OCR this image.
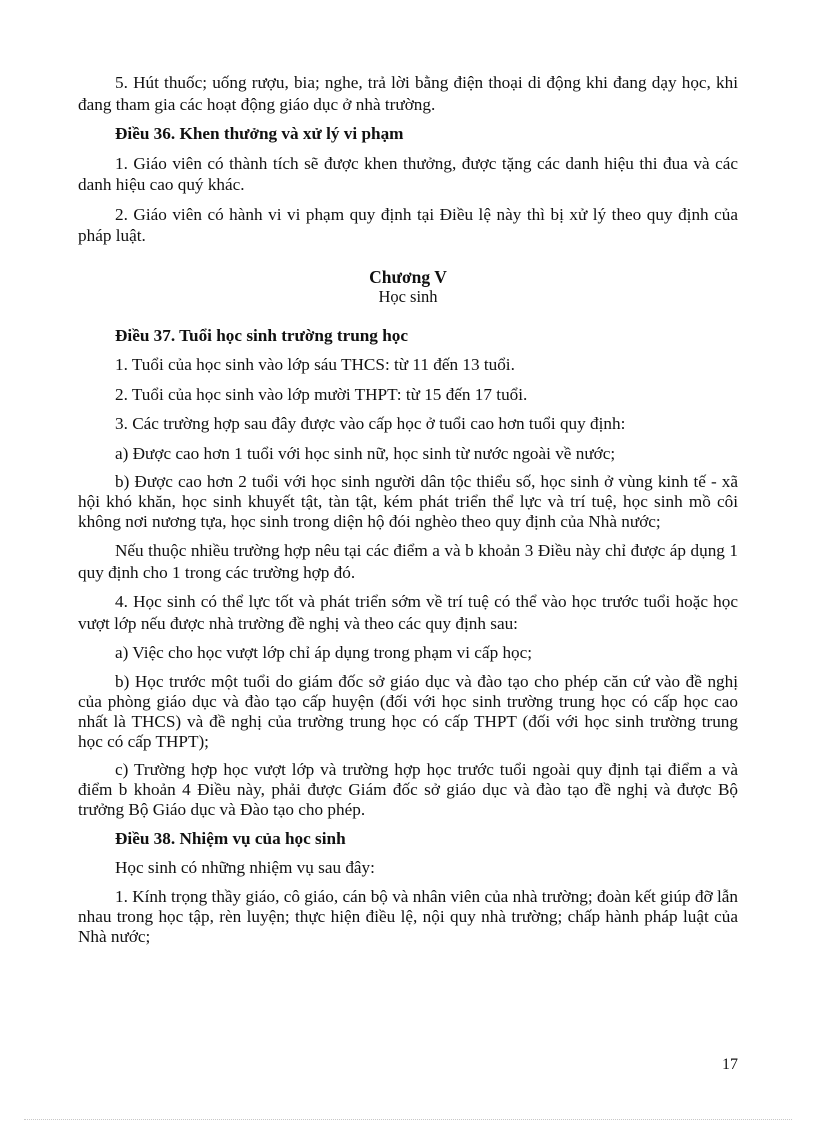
5. Hút thuốc; uống rượu, bia; nghe, trả lời bằng điện thoại di động khi đang dạy học, khi đang tham gia các hoạt động giáo dục ở nhà trường.

Điều 36. Khen thưởng và xử lý vi phạm

1. Giáo viên có thành tích sẽ được khen thưởng, được tặng các danh hiệu thi đua và các danh hiệu cao quý khác.

2. Giáo viên có hành vi vi phạm quy định tại Điều lệ này thì bị xử lý theo quy định của pháp luật.

Chương V
Học sinh

Điều 37. Tuổi học sinh trường trung học

1. Tuổi của học sinh vào lớp sáu THCS: từ 11 đến 13 tuổi.

2. Tuổi của học sinh vào lớp mười THPT: từ 15 đến 17 tuổi.

3. Các trường hợp sau đây được vào cấp học ở tuổi cao hơn tuổi quy định:

a) Được cao hơn 1 tuổi với học sinh nữ, học sinh từ nước ngoài về nước;

b) Được cao hơn 2 tuổi với học sinh người dân tộc thiểu số, học sinh ở vùng kinh tế - xã hội khó khăn, học sinh khuyết tật, tàn tật, kém phát triển thể lực và trí tuệ, học sinh mồ côi không nơi nương tựa, học sinh trong diện hộ đói nghèo theo quy định của Nhà nước;

Nếu thuộc nhiều trường hợp nêu tại các điểm a và b khoản 3 Điều này chỉ được áp dụng 1 quy định cho 1 trong các trường hợp đó.

4. Học sinh có thể lực tốt và phát triển sớm về trí tuệ có thể vào học trước tuổi hoặc học vượt lớp nếu được nhà trường đề nghị và theo các quy định sau:

a) Việc cho học vượt lớp chỉ áp dụng trong phạm vi cấp học;

b) Học trước một tuổi do giám đốc sở giáo dục và đào tạo cho phép căn cứ vào đề nghị của phòng giáo dục và đào tạo cấp huyện (đối với học sinh trường trung học có cấp học cao nhất là THCS) và đề nghị của trường trung học có cấp THPT (đối với học sinh trường trung học có cấp THPT);

c) Trường hợp học vượt lớp và trường hợp học trước tuổi ngoài quy định tại điểm a và điểm b khoản 4 Điều này, phải được Giám đốc sở giáo dục và đào tạo đề nghị và được Bộ trưởng Bộ Giáo dục và Đào tạo cho phép.

Điều 38. Nhiệm vụ của học sinh

Học sinh có những nhiệm vụ sau đây:

1. Kính trọng thầy giáo, cô giáo, cán bộ và nhân viên của nhà trường; đoàn kết giúp đỡ lẫn nhau trong học tập, rèn luyện; thực hiện điều lệ, nội quy nhà trường; chấp hành pháp luật của Nhà nước;

17
